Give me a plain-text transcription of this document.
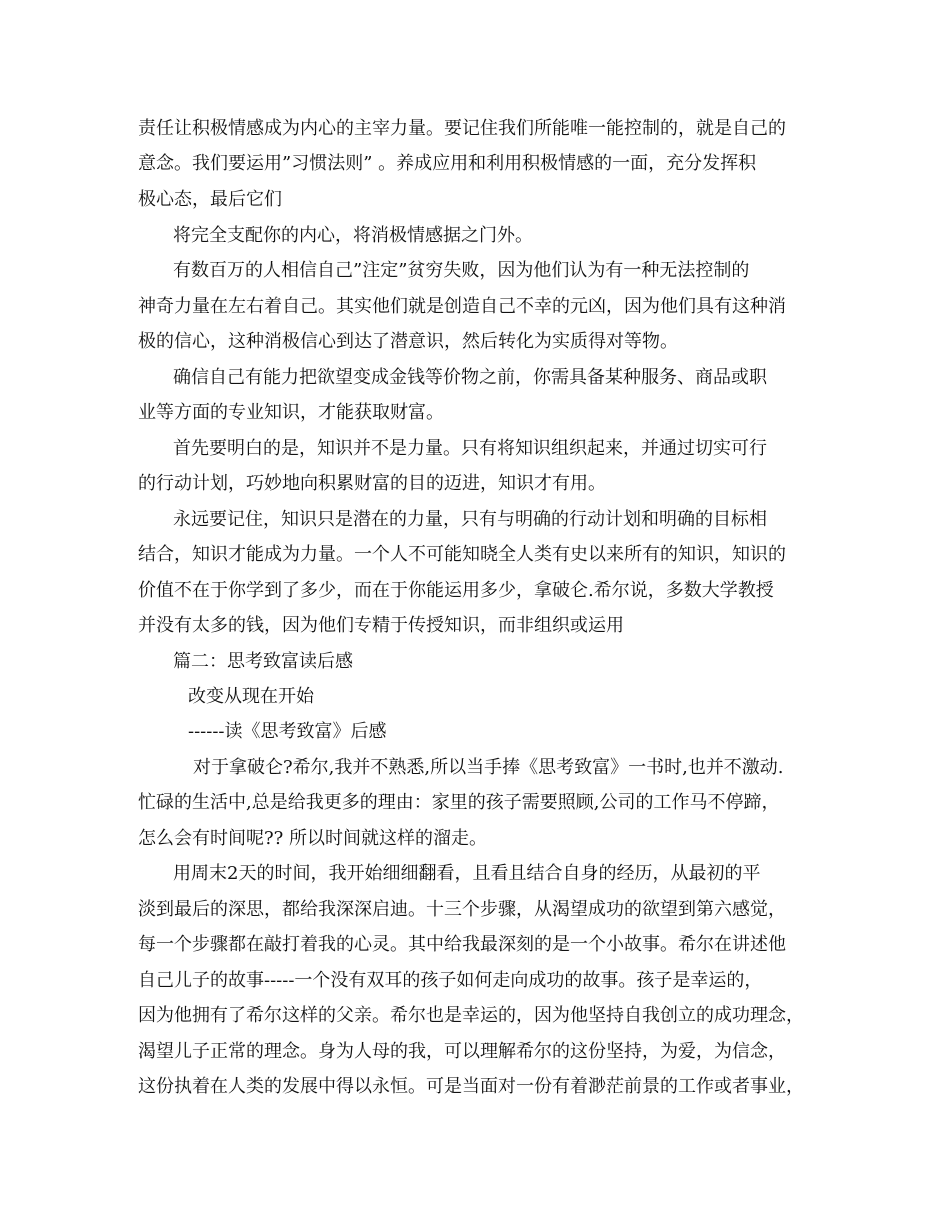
责任让积极情感成为内心的主宰力量。要记住我们所能唯一能控制的，就是自己的
意念。我们要运用”习惯法则” 。养成应用和利用积极情感的一面，充分发挥积
极心态，最后它们
将完全支配你的内心，将消极情感据之门外。
有数百万的人相信自己”注定”贫穷失败，因为他们认为有一种无法控制的
神奇力量在左右着自己。其实他们就是创造自己不幸的元凶，因为他们具有这种消
极的信心，这种消极信心到达了潜意识，然后转化为实质得对等物。
确信自己有能力把欲望变成金钱等价物之前，你需具备某种服务、商品或职
业等方面的专业知识，才能获取财富。
首先要明白的是，知识并不是力量。只有将知识组织起来，并通过切实可行
的行动计划，巧妙地向积累财富的目的迈进，知识才有用。
永远要记住，知识只是潜在的力量，只有与明确的行动计划和明确的目标相
结合，知识才能成为力量。一个人不可能知晓全人类有史以来所有的知识，知识的
价值不在于你学到了多少，而在于你能运用多少，拿破仑.希尔说，多数大学教授
并没有太多的钱，因为他们专精于传授知识，而非组织或运用
篇二：思考致富读后感
改变从现在开始
------读《思考致富》后感
对于拿破仑?希尔,我并不熟悉,所以当手捧《思考致富》一书时,也并不激动.
忙碌的生活中,总是给我更多的理由：家里的孩子需要照顾,公司的工作马不停蹄，
怎么会有时间呢?? 所以时间就这样的溜走。
用周末2天的时间，我开始细细翻看，且看且结合自身的经历，从最初的平
淡到最后的深思，都给我深深启迪。十三个步骤，从渴望成功的欲望到第六感觉，
每一个步骤都在敲打着我的心灵。其中给我最深刻的是一个小故事。希尔在讲述他
自己儿子的故事-----一个没有双耳的孩子如何走向成功的故事。孩子是幸运的，
因为他拥有了希尔这样的父亲。希尔也是幸运的，因为他坚持自我创立的成功理念，
渴望儿子正常的理念。身为人母的我，可以理解希尔的这份坚持，为爱，为信念，
这份执着在人类的发展中得以永恒。可是当面对一份有着渺茫前景的工作或者事业，
